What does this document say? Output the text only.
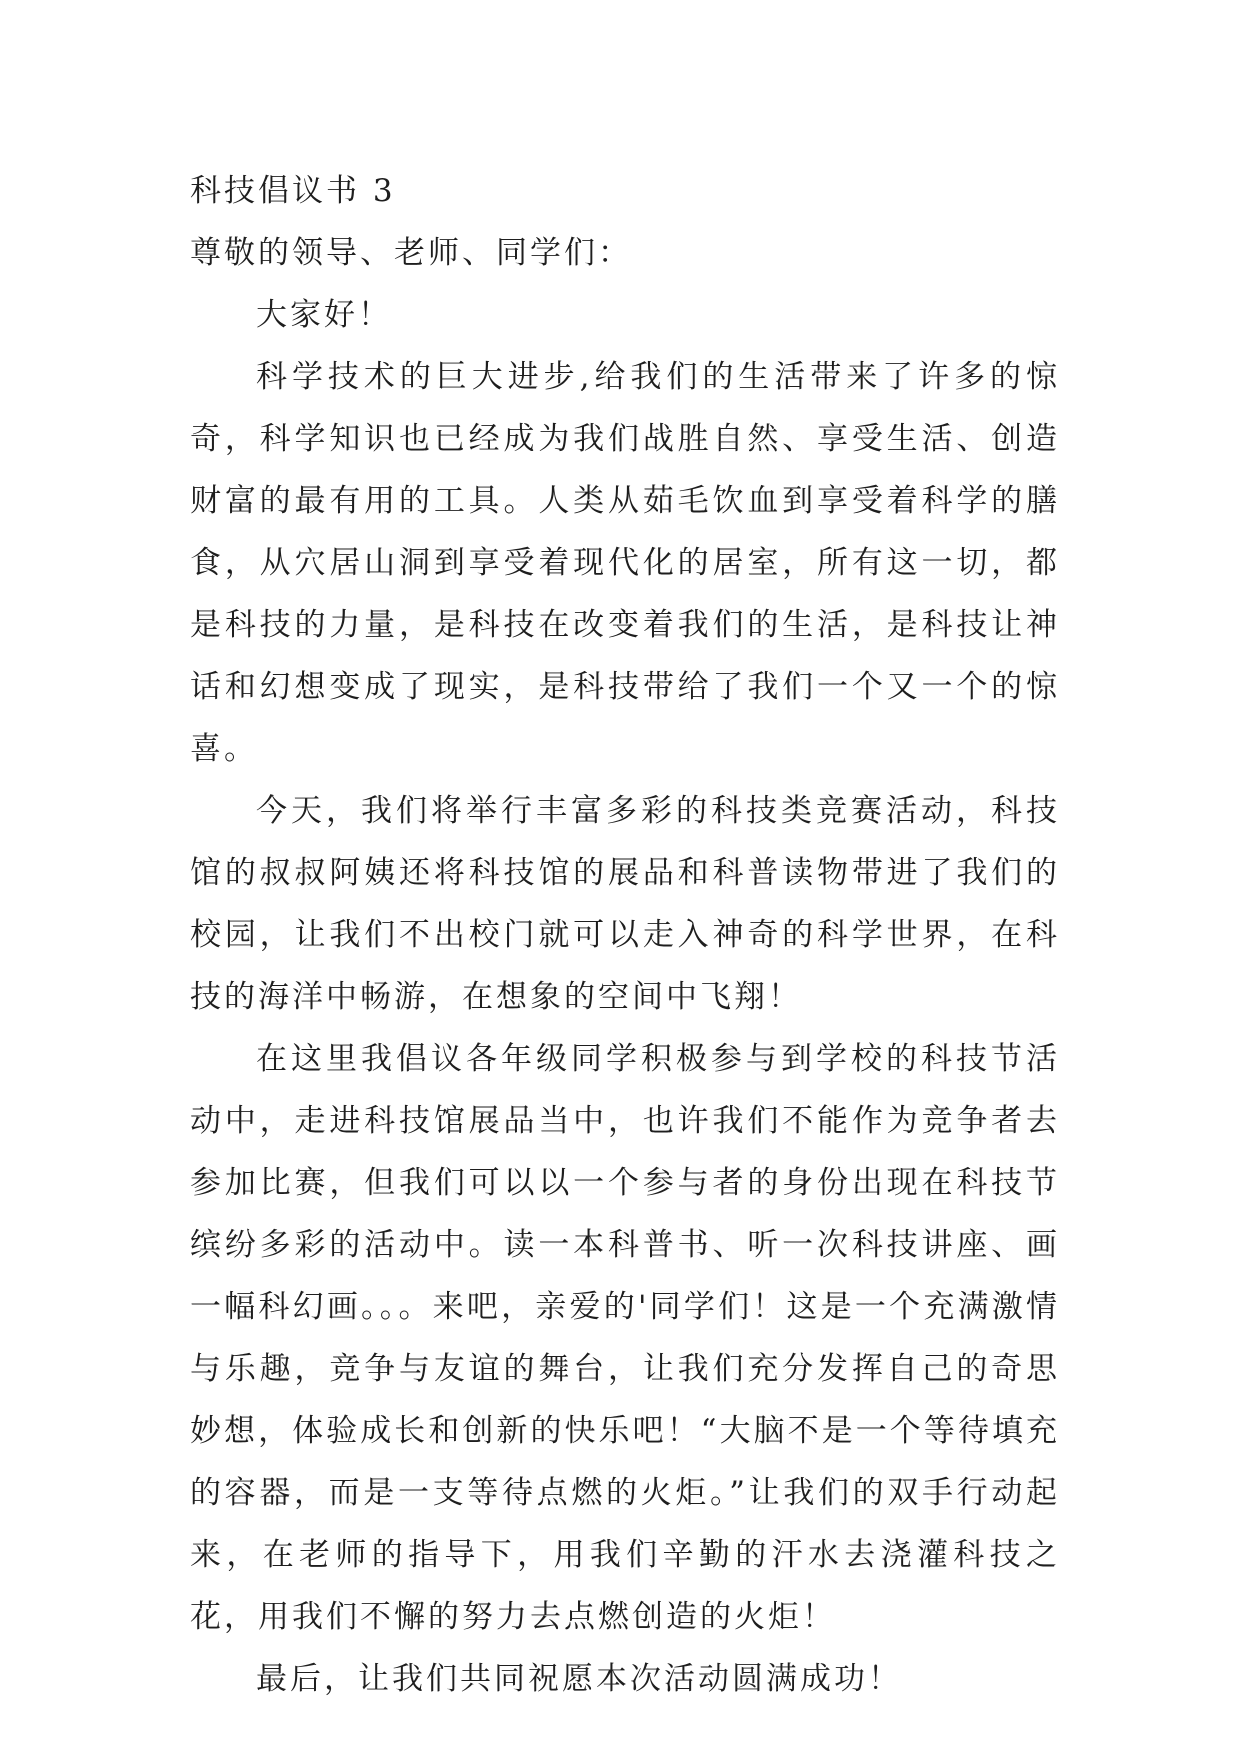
科技倡议书 3

尊敬的领导、老师、同学们：

大家好！

科学技术的巨大进步,给我们的生活带来了许多的惊奇，科学知识也已经成为我们战胜自然、享受生活、创造财富的最有用的工具。人类从茹毛饮血到享受着科学的膳食，从穴居山洞到享受着现代化的居室，所有这一切，都是科技的力量，是科技在改变着我们的生活，是科技让神话和幻想变成了现实，是科技带给了我们一个又一个的惊喜。

今天，我们将举行丰富多彩的科技类竞赛活动，科技馆的叔叔阿姨还将科技馆的展品和科普读物带进了我们的校园，让我们不出校门就可以走入神奇的科学世界，在科技的海洋中畅游，在想象的空间中飞翔！

在这里我倡议各年级同学积极参与到学校的科技节活动中，走进科技馆展品当中，也许我们不能作为竞争者去参加比赛，但我们可以以一个参与者的身份出现在科技节缤纷多彩的活动中。读一本科普书、听一次科技讲座、画一幅科幻画。。。来吧，亲爱的'同学们！这是一个充满激情与乐趣，竞争与友谊的舞台，让我们充分发挥自己的奇思妙想，体验成长和创新的快乐吧！“大脑不是一个等待填充的容器，而是一支等待点燃的火炬。”让我们的双手行动起来，在老师的指导下，用我们辛勤的汗水去浇灌科技之花，用我们不懈的努力去点燃创造的火炬！

最后，让我们共同祝愿本次活动圆满成功！
